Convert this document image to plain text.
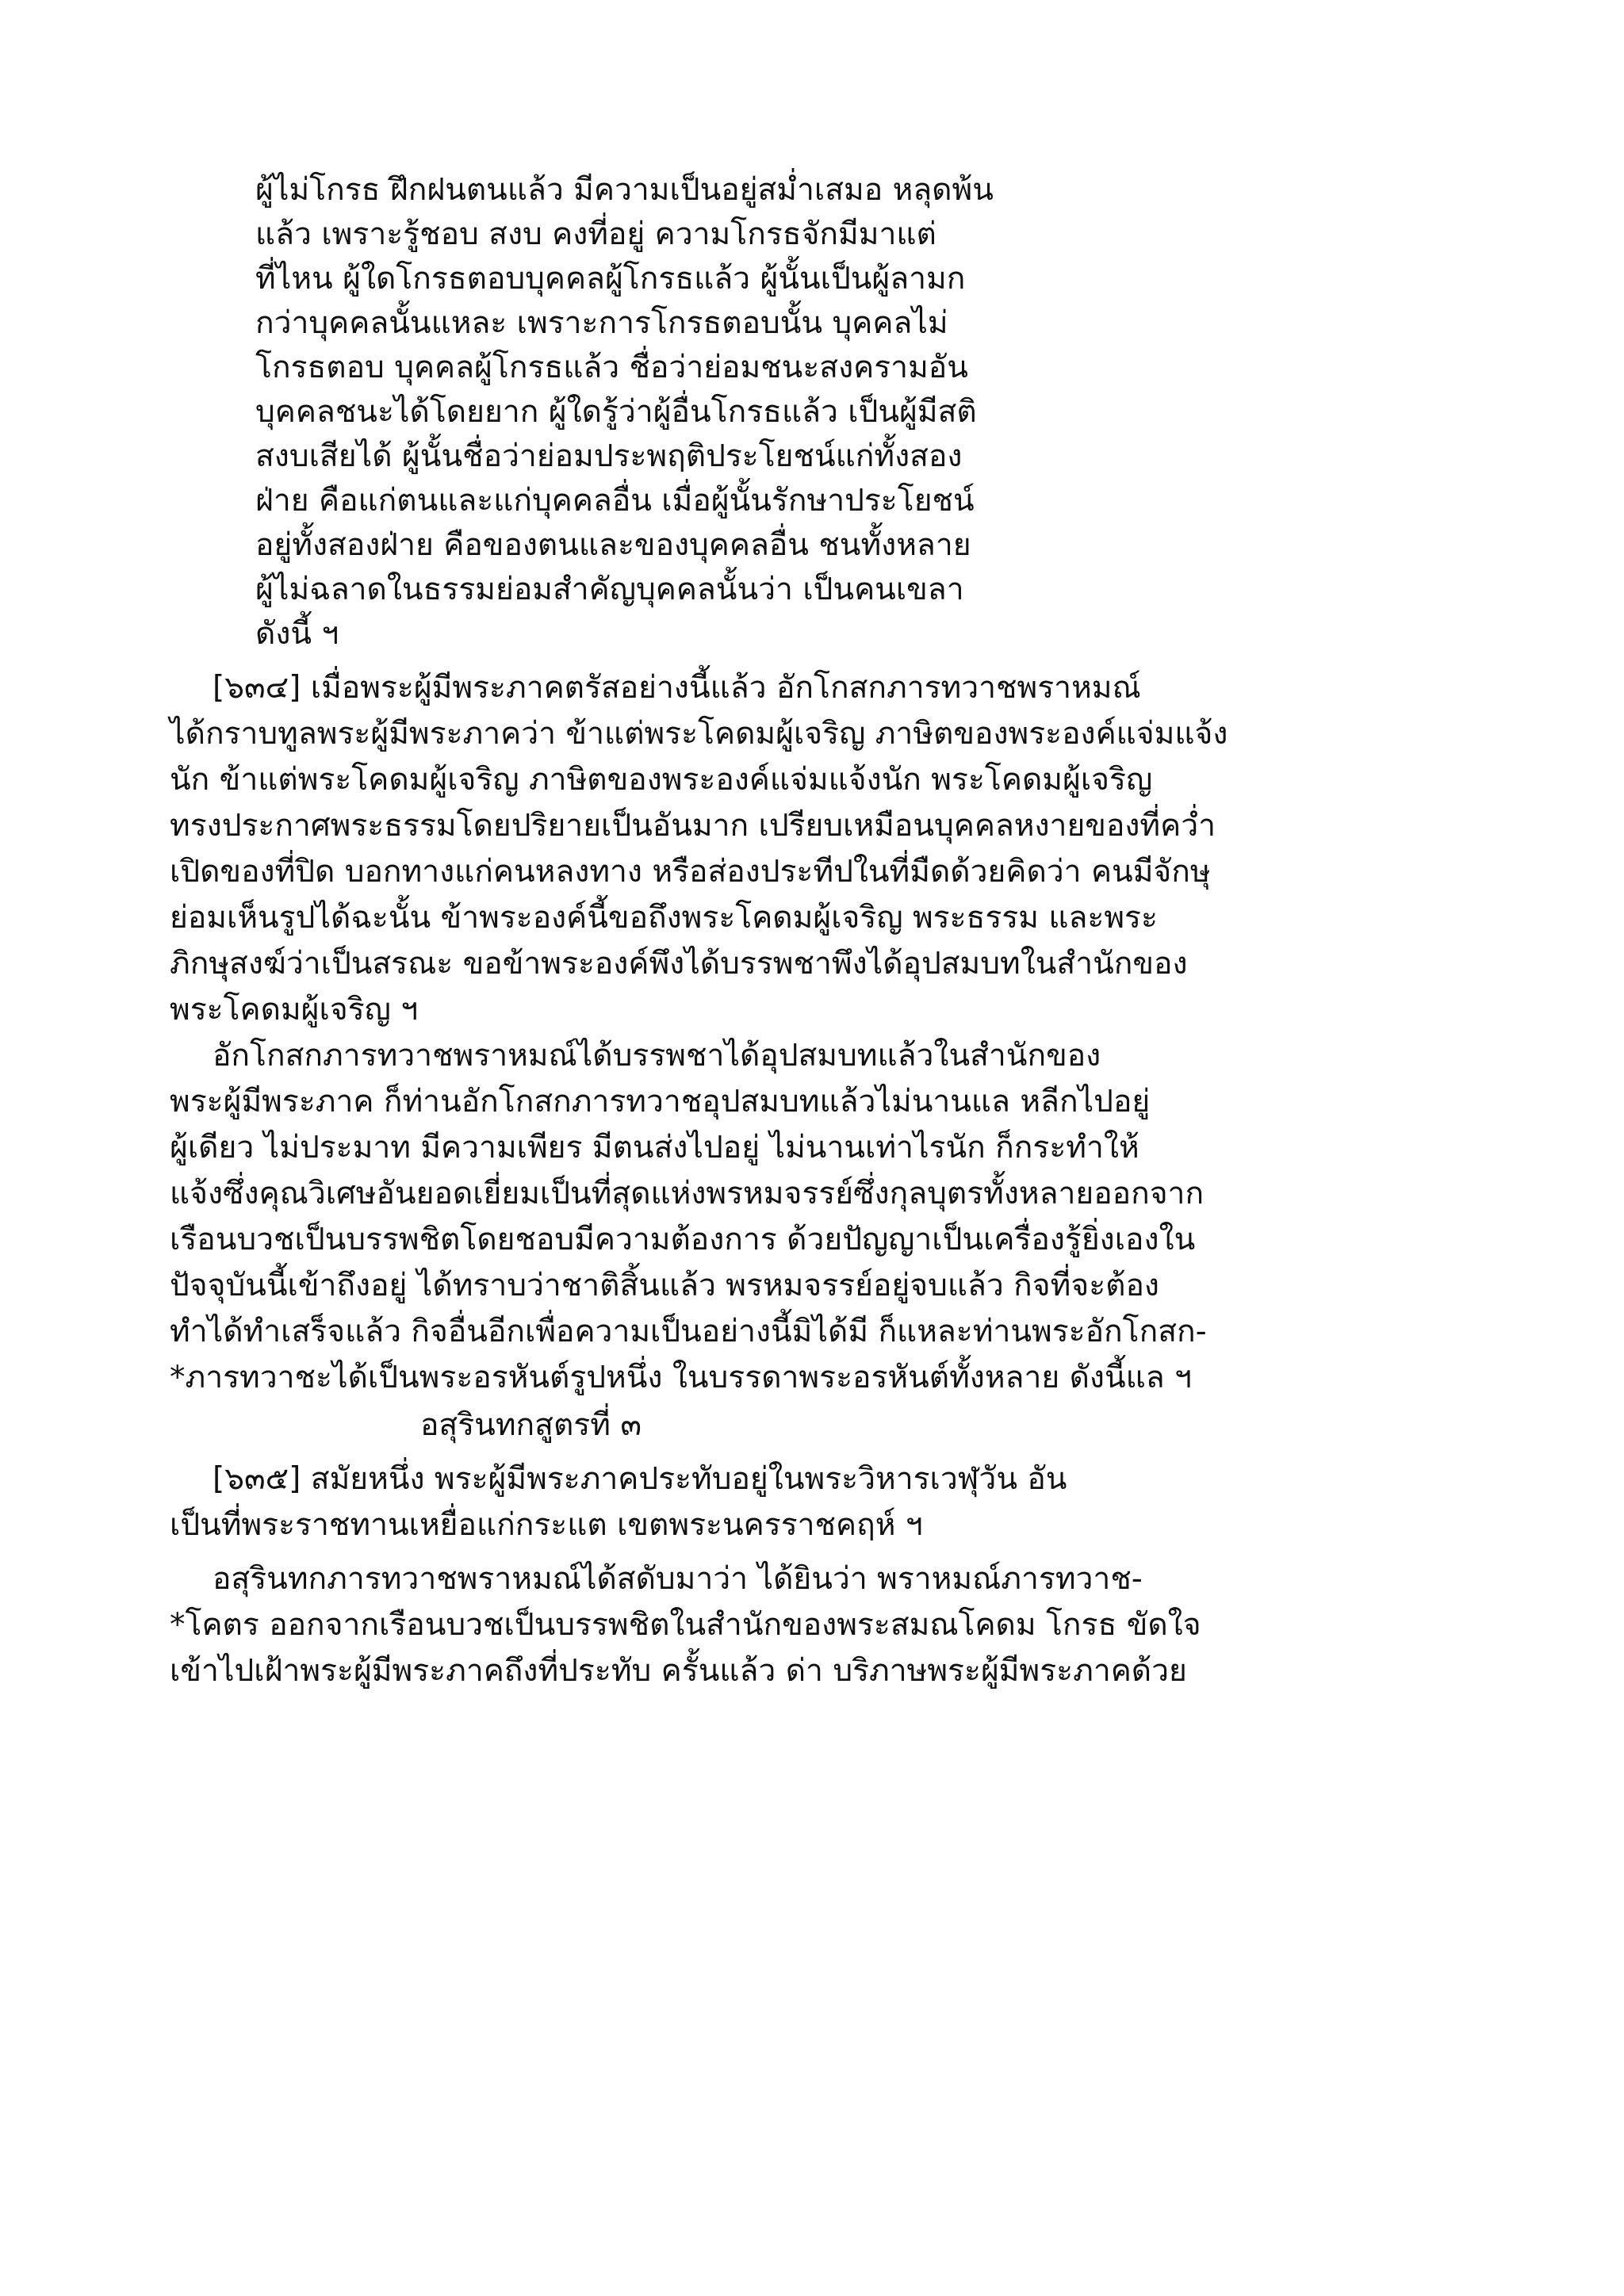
ผู้ไม่โกรธ ฝึกฝนตนแล้ว มีความเป็นอยู่สม่ำเสมอ หลุดพ้น
แล้ว เพราะรู้ชอบ สงบ คงที่อยู่ ความโกรธจักมีมาแต่
ที่ไหน ผู้ใดโกรธตอบบุคคลผู้โกรธแล้ว ผู้นั้นเป็นผู้ลามก
กว่าบุคคลนั้นแหละ เพราะการโกรธตอบนั้น บุคคลไม่
โกรธตอบ บุคคลผู้โกรธแล้ว ชื่อว่าย่อมชนะสงครามอัน
บุคคลชนะได้โดยยาก ผู้ใดรู้ว่าผู้อื่นโกรธแล้ว เป็นผู้มีสติ
สงบเสียได้ ผู้นั้นชื่อว่าย่อมประพฤติประโยชน์แก่ทั้งสอง
ฝ่าย คือแก่ตนและแก่บุคคลอื่น เมื่อผู้นั้นรักษาประโยชน์
อยู่ทั้งสองฝ่าย คือของตนและของบุคคลอื่น ชนทั้งหลาย
ผู้ไม่ฉลาดในธรรมย่อมสำคัญบุคคลนั้นว่า เป็นคนเขลา
ดังนี้ ฯ
[๖๓๔] เมื่อพระผู้มีพระภาคตรัสอย่างนี้แล้ว อักโกสกภารทวาชพราหมณ์
ได้กราบทูลพระผู้มีพระภาคว่า ข้าแต่พระโคดมผู้เจริญ ภาษิตของพระองค์แจ่มแจ้ง
นัก ข้าแต่พระโคดมผู้เจริญ ภาษิตของพระองค์แจ่มแจ้งนัก พระโคดมผู้เจริญ
ทรงประกาศพระธรรมโดยปริยายเป็นอันมาก เปรียบเหมือนบุคคลหงายของที่คว่ำ
เปิดของที่ปิด บอกทางแก่คนหลงทาง หรือส่องประทีปในที่มืดด้วยคิดว่า คนมีจักษุ
ย่อมเห็นรูปได้ฉะนั้น ข้าพระองค์นี้ขอถึงพระโคดมผู้เจริญ พระธรรม และพระ
ภิกษุสงฆ์ว่าเป็นสรณะ ขอข้าพระองค์พึงได้บรรพชาพึงได้อุปสมบทในสำนักของ
พระโคดมผู้เจริญ ฯ
อักโกสกภารทวาชพราหมณ์ได้บรรพชาได้อุปสมบทแล้วในสำนักของ
พระผู้มีพระภาค ก็ท่านอักโกสกภารทวาชอุปสมบทแล้วไม่นานแล หลีกไปอยู่
ผู้เดียว ไม่ประมาท มีความเพียร มีตนส่งไปอยู่ ไม่นานเท่าไรนัก ก็กระทำให้
แจ้งซึ่งคุณวิเศษอันยอดเยี่ยมเป็นที่สุดแห่งพรหมจรรย์ซึ่งกุลบุตรทั้งหลายออกจาก
เรือนบวชเป็นบรรพชิตโดยชอบมีความต้องการ ด้วยปัญญาเป็นเครื่องรู้ยิ่งเองใน
ปัจจุบันนี้เข้าถึงอยู่ ได้ทราบว่าชาติสิ้นแล้ว พรหมจรรย์อยู่จบแล้ว กิจที่จะต้อง
ทำได้ทำเสร็จแล้ว กิจอื่นอีกเพื่อความเป็นอย่างนี้มิได้มี ก็แหละท่านพระอักโกสก-
*ภารทวาชะได้เป็นพระอรหันต์รูปหนึ่ง ในบรรดาพระอรหันต์ทั้งหลาย ดังนี้แล ฯ
อสุรินทกสูตรที่ ๓
[๖๓๕] สมัยหนึ่ง พระผู้มีพระภาคประทับอยู่ในพระวิหารเวฬุวัน อัน
เป็นที่พระราชทานเหยื่อแก่กระแต เขตพระนครราชคฤห์ ฯ
อสุรินทกภารทวาชพราหมณ์ได้สดับมาว่า ได้ยินว่า พราหมณ์ภารทวาช-
*โคตร ออกจากเรือนบวชเป็นบรรพชิตในสำนักของพระสมณโคดม โกรธ ขัดใจ
เข้าไปเฝ้าพระผู้มีพระภาคถึงที่ประทับ ครั้นแล้ว ด่า บริภาษพระผู้มีพระภาคด้วย
